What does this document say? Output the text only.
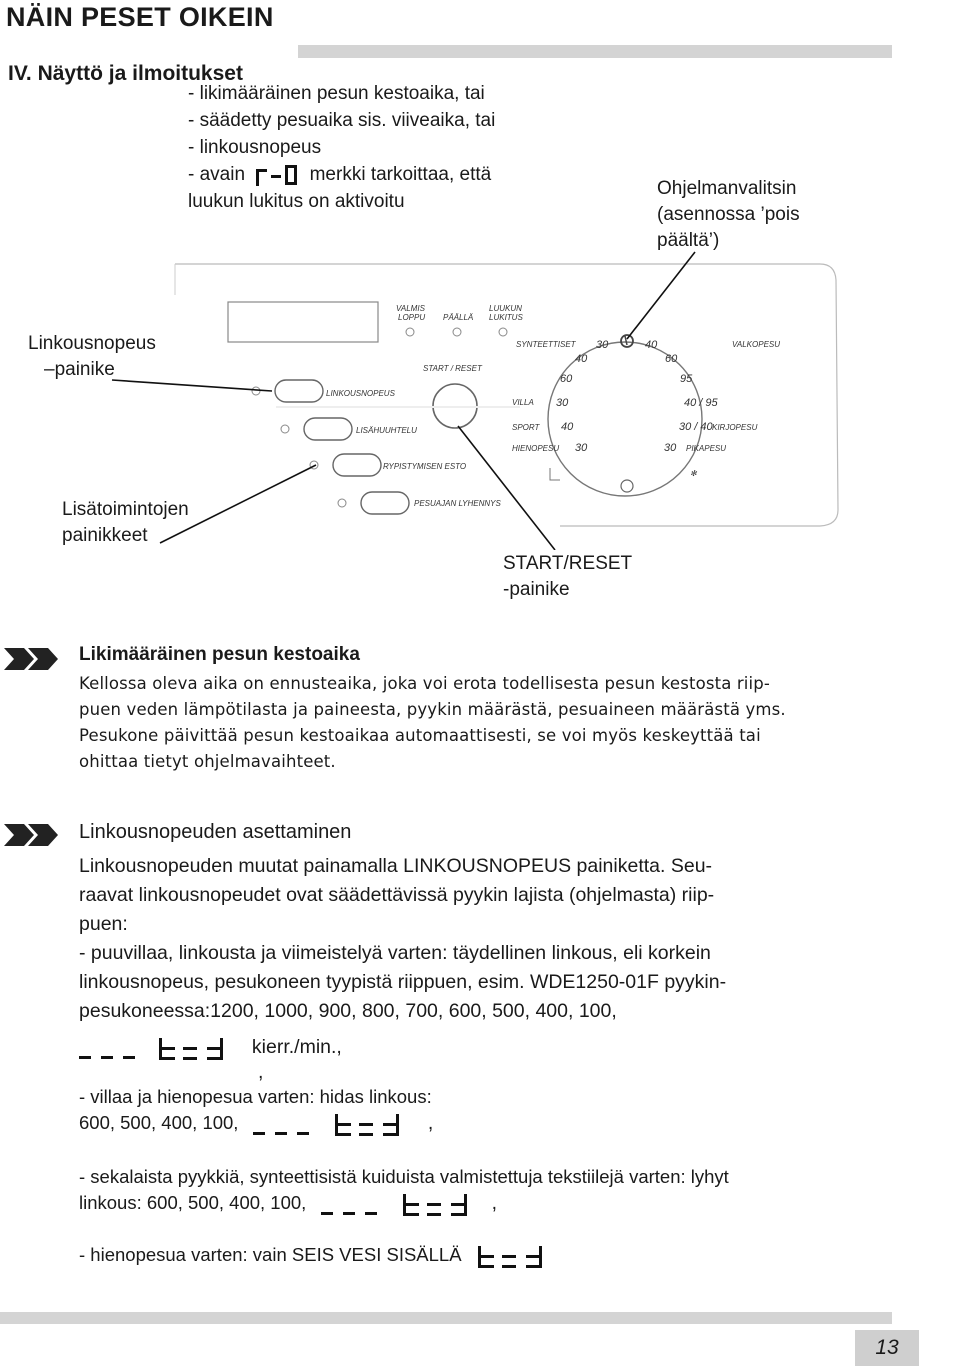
NÄIN PESET OIKEIN
IV. Näyttö ja ilmoitukset
- likimääräinen pesun kestoaika, tai
- säädetty pesuaika sis. viiveaika, tai
- linkousnopeus
- avain	merkki tarkoittaa, että
luukun lukitus on aktivoitu
Ohjelmanvalitsin
(asennossa ’pois
päältä’)
Linkousnopeus
–painike
Lisätoimintojen
painikkeet
START/RESET
-painike
VALMIS
LOPPU PÄÄLLÄ
LUUKUN
LUKITUS
START / RESET
LINKOUSNOPEUS
LISÄHUUHTELU
RYPISTYMISEN ESTO
PESUAJAN LYHENNYS
SYNTEETTISET	VALKOPESU
VILLA
SPORT
HIENOPESU
KIRJOPESU
PIKAPESU
30
40
60
30
40
30
40
60
95
40 / 95
30 / 40
30
✻
Likimääräinen pesun kestoaika
Kellossa oleva aika on ennusteaika, joka voi erota todellisesta pesun kestosta riip-
puen veden lämpötilasta ja paineesta, pyykin määrästä, pesuaineen määrästä yms.
Pesukone päivittää pesun kestoaikaa automaattisesti, se voi myös keskeyttää tai
ohittaa tietyt ohjelmavaihteet.
Linkousnopeuden asettaminen
Linkousnopeuden muutat painamalla LINKOUSNOPEUS painiketta. Seu-
raavat linkousnopeudet ovat säädettävissä pyykin lajista (ohjelmasta) riip-
puen:
- puuvillaa, linkousta ja viimeistelyä varten: täydellinen linkous, eli korkein
linkousnopeus, pesukoneen tyypistä riippuen, esim. WDE1250-01F pyykin-
pesukoneessa:1200, 1000, 900, 800, 700, 600, 500, 400, 100,
kierr./min.,
,
- villaa ja hienopesua varten: hidas linkous:
600, 500, 400, 100,	,
- sekalaista pyykkiä, synteettisistä kuiduista valmistettuja tekstiilejä varten: lyhyt
linkous: 600, 500, 400, 100,	,
- hienopesua varten: vain SEIS VESI SISÄLLÄ
13
